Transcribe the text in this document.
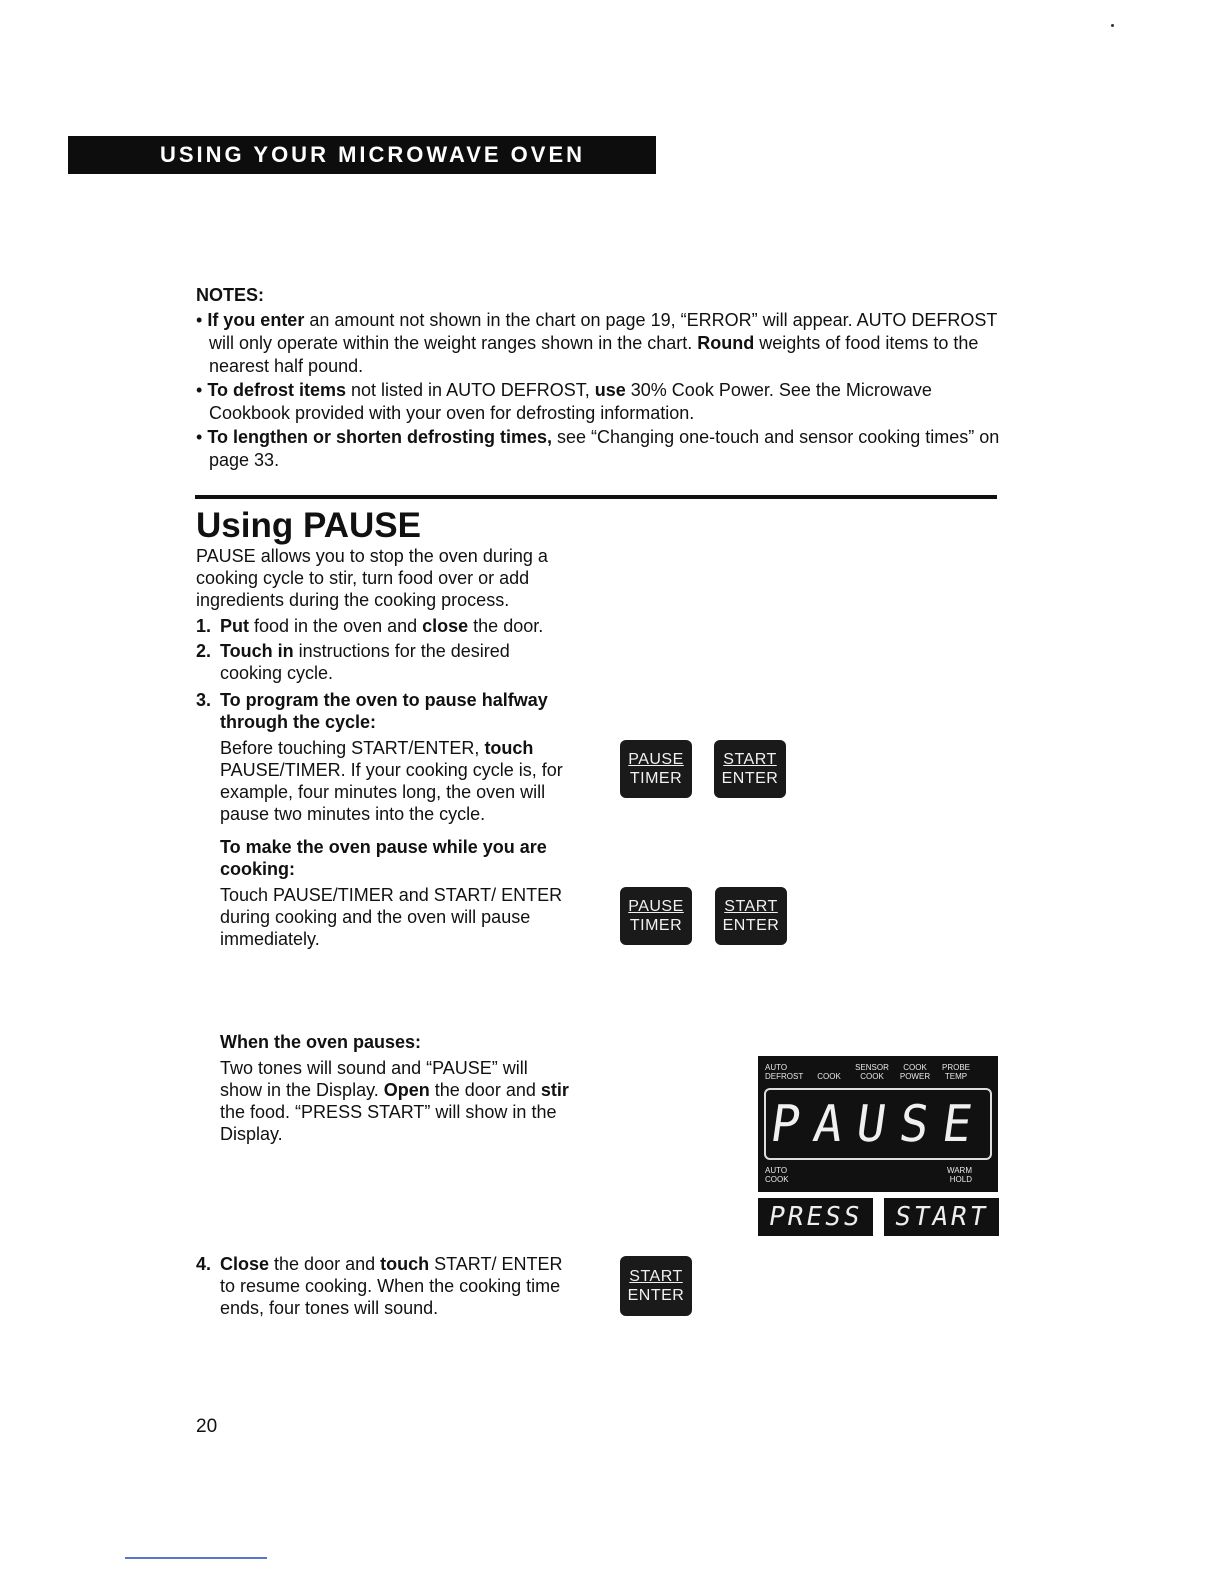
USING YOUR MICROWAVE OVEN
NOTES:
• If you enter an amount not shown in the chart on page 19, “ERROR” will appear. AUTO DEFROST will only operate within the weight ranges shown in the chart. Round weights of food items to the nearest half pound.
• To defrost items not listed in AUTO DEFROST, use 30% Cook Power. See the Microwave Cookbook provided with your oven for defrosting information.
• To lengthen or shorten defrosting times, see “Changing one-touch and sensor cooking times” on page 33.
Using PAUSE
PAUSE allows you to stop the oven during a cooking cycle to stir, turn food over or add ingredients during the cooking process.
1. Put food in the oven and close the door.
2. Touch in instructions for the desired cooking cycle.
3. To program the oven to pause halfway through the cycle:
Before touching START/ENTER, touch PAUSE/TIMER. If your cooking cycle is, for example, four minutes long, the oven will pause two minutes into the cycle.
To make the oven pause while you are cooking:
Touch PAUSE/TIMER and START/ ENTER during cooking and the oven will pause immediately.
When the oven pauses:
Two tones will sound and “PAUSE” will show in the Display. Open the door and stir the food. “PRESS START” will show in the Display.
4. Close the door and touch START/ ENTER to resume cooking. When the cooking time ends, four tones will sound.
PAUSE
TIMER
START
ENTER
PAUSE
TIMER
START
ENTER
START
ENTER
AUTO DEFROST COOK
SENSOR COOK
COOK POWER
PROBE TEMP
PAUSE
AUTO COOK
WARM HOLD
PRESS	START
20
